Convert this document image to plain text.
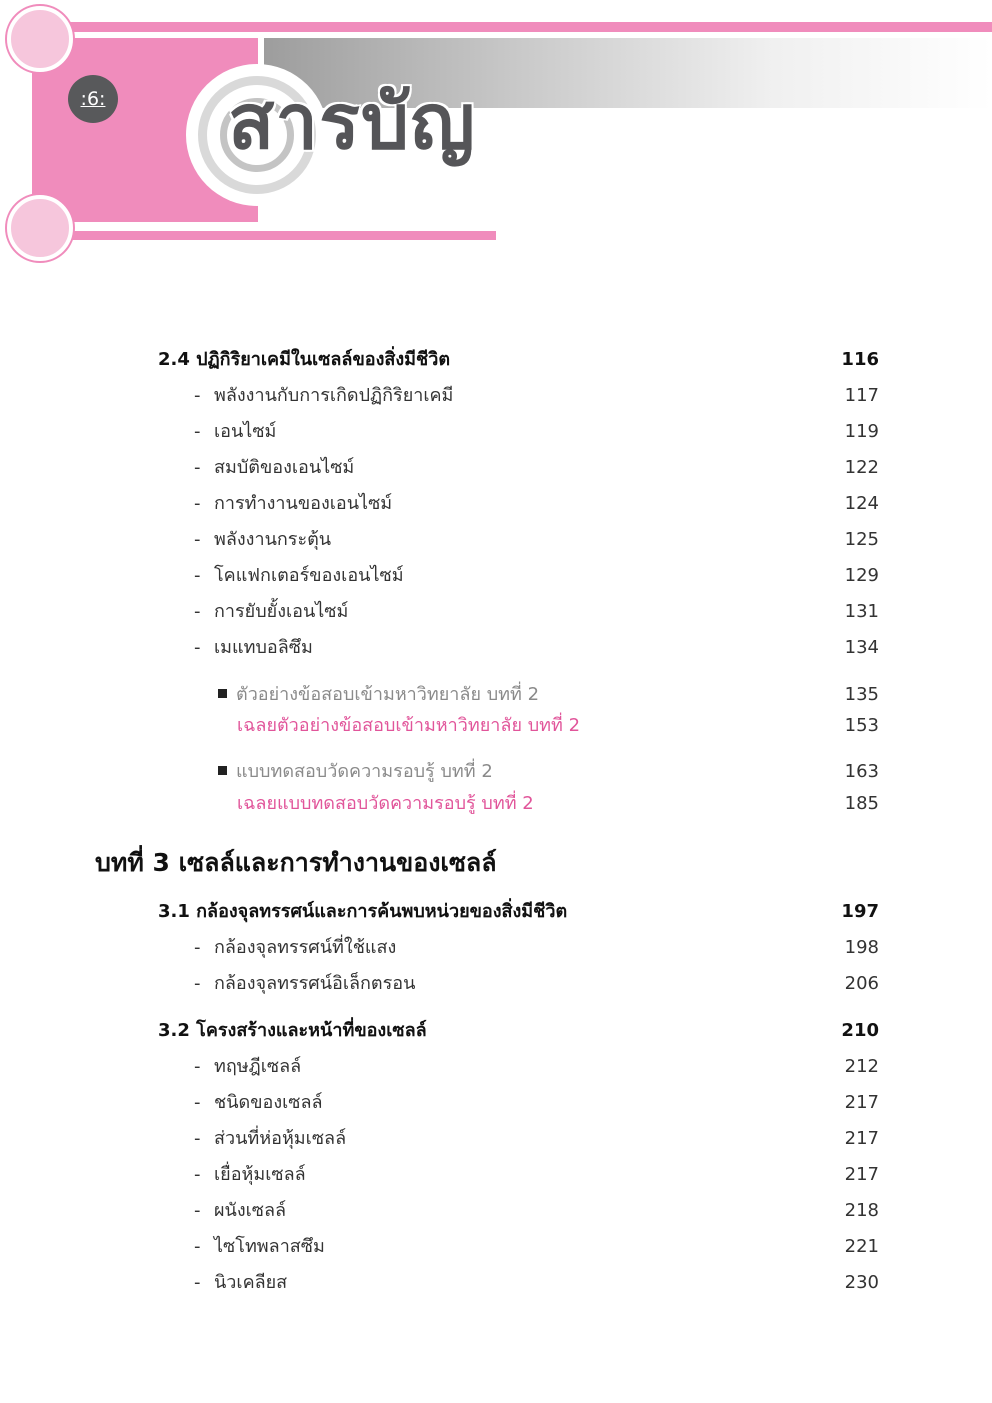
:6: สารบัญ
2.4 ปฏิกิริยาเคมีในเซลล์ของสิ่งมีชีวิต	116
- พลังงานกับการเกิดปฏิกิริยาเคมี	117
- เอนไซม์	119
- สมบัติของเอนไซม์	122
- การทำงานของเอนไซม์	124
- พลังงานกระตุ้น	125
- โคแฟกเตอร์ของเอนไซม์	129
- การยับยั้งเอนไซม์	131
- เมแทบอลิซึม	134
ตัวอย่างข้อสอบเข้ามหาวิทยาลัย บทที่ 2	135
เฉลยตัวอย่างข้อสอบเข้ามหาวิทยาลัย บทที่ 2	153
แบบทดสอบวัดความรอบรู้ บทที่ 2	163
เฉลยแบบทดสอบวัดความรอบรู้ บทที่ 2	185
บทที่ 3 เซลล์และการทำงานของเซลล์
3.1 กล้องจุลทรรศน์และการค้นพบหน่วยของสิ่งมีชีวิต	197
- กล้องจุลทรรศน์ที่ใช้แสง	198
- กล้องจุลทรรศน์อิเล็กตรอน	206
3.2 โครงสร้างและหน้าที่ของเซลล์	210
- ทฤษฎีเซลล์	212
- ชนิดของเซลล์	217
- ส่วนที่ห่อหุ้มเซลล์	217
- เยื่อหุ้มเซลล์	217
- ผนังเซลล์	218
- ไซโทพลาสซึม	221
- นิวเคลียส	230
